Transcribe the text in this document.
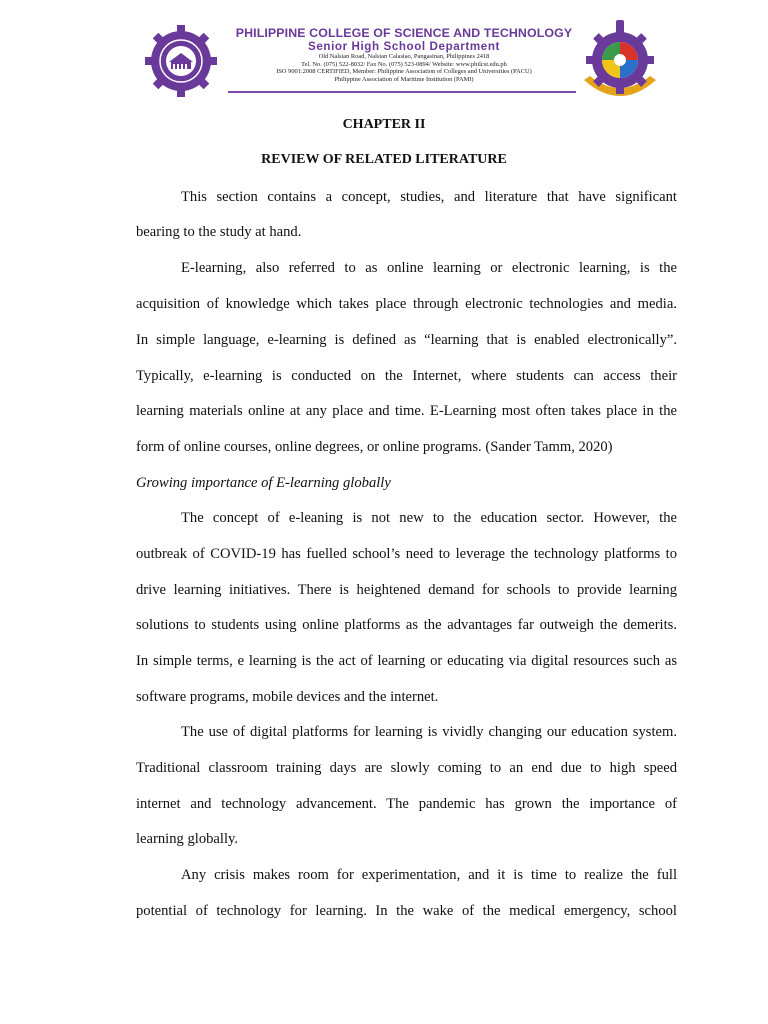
PHILIPPINE COLLEGE OF SCIENCE AND TECHNOLOGY
Senior High School Department
Old Nalsian Road, Nalsian Calasiao, Pangasinan, Philippines 2418
Tel. No. (075) 522-8032/ Fax No. (075) 523-0894/ Website: www.philcst.edu.ph
ISO 9001:2008 CERTIFIED, Member: Philippine Association of Colleges and Universities (PACU)
Philippine Association of Maritime Institution (PAMI)
CHAPTER II
REVIEW OF RELATED LITERATURE
This section contains a concept, studies, and literature that have significant
bearing to the study at hand.
E-learning, also referred to as online learning or electronic learning, is the
acquisition of knowledge which takes place through electronic technologies and media.
In simple language, e-learning is defined as “learning that is enabled electronically”.
Typically, e-learning is conducted on the Internet, where students can access their
learning materials online at any place and time. E-Learning most often takes place in the
form of online courses, online degrees, or online programs. (Sander Tamm, 2020)
Growing importance of E-learning globally
The concept of e-leaning is not new to the education sector. However, the
outbreak of COVID-19 has fuelled school’s need to leverage the technology platforms to
drive learning initiatives. There is heightened demand for schools to provide learning
solutions to students using online platforms as the advantages far outweigh the demerits.
In simple terms, e learning is the act of learning or educating via digital resources such as
software programs, mobile devices and the internet.
The use of digital platforms for learning is vividly changing our education system.
Traditional classroom training days are slowly coming to an end due to high speed
internet and technology advancement. The pandemic has grown the importance of
learning globally.
Any crisis makes room for experimentation, and it is time to realize the full
potential of technology for learning. In the wake of the medical emergency, school
